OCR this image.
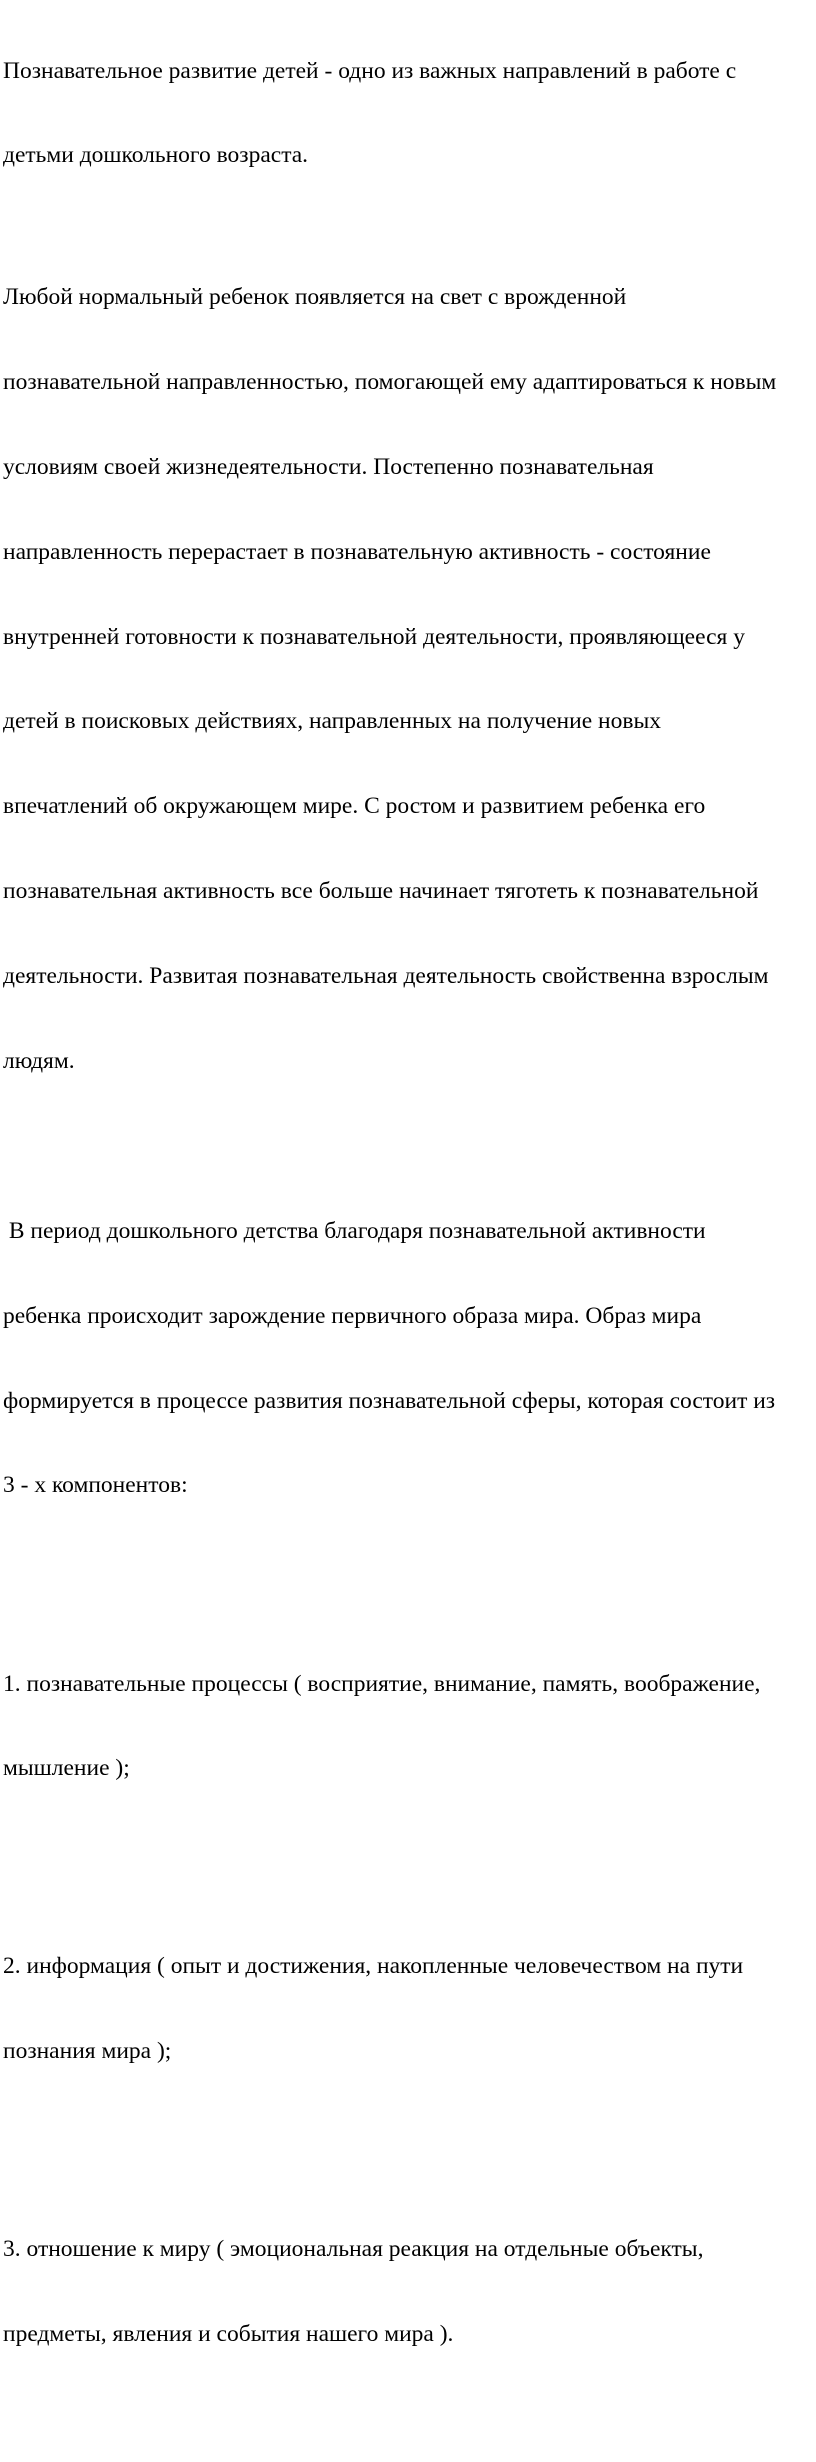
Познавательное развитие детей - одно из важных направлений в работе с

детьми дошкольного возраста.

Любой нормальный ребенок появляется на свет с врожденной

познавательной направленностью, помогающей ему адаптироваться к новым

условиям своей жизнедеятельности. Постепенно познавательная

направленность перерастает в познавательную активность - состояние

внутренней готовности к познавательной деятельности, проявляющееся у

детей в поисковых действиях, направленных на получение новых

впечатлений об окружающем мире. С ростом и развитием ребенка его

познавательная активность все больше начинает тяготеть к познавательной

деятельности. Развитая познавательная деятельность свойственна взрослым

людям.

В период дошкольного детства благодаря познавательной активности

ребенка происходит зарождение первичного образа мира. Образ мира

формируется в процессе развития познавательной сферы, которая состоит из

3 - х компонентов:

1. познавательные процессы ( восприятие, внимание, память, воображение,

мышление );

2. информация ( опыт и достижения, накопленные человечеством на пути

познания мира );

3. отношение к миру ( эмоциональная реакция на отдельные объекты,

предметы, явления и события нашего мира ).
